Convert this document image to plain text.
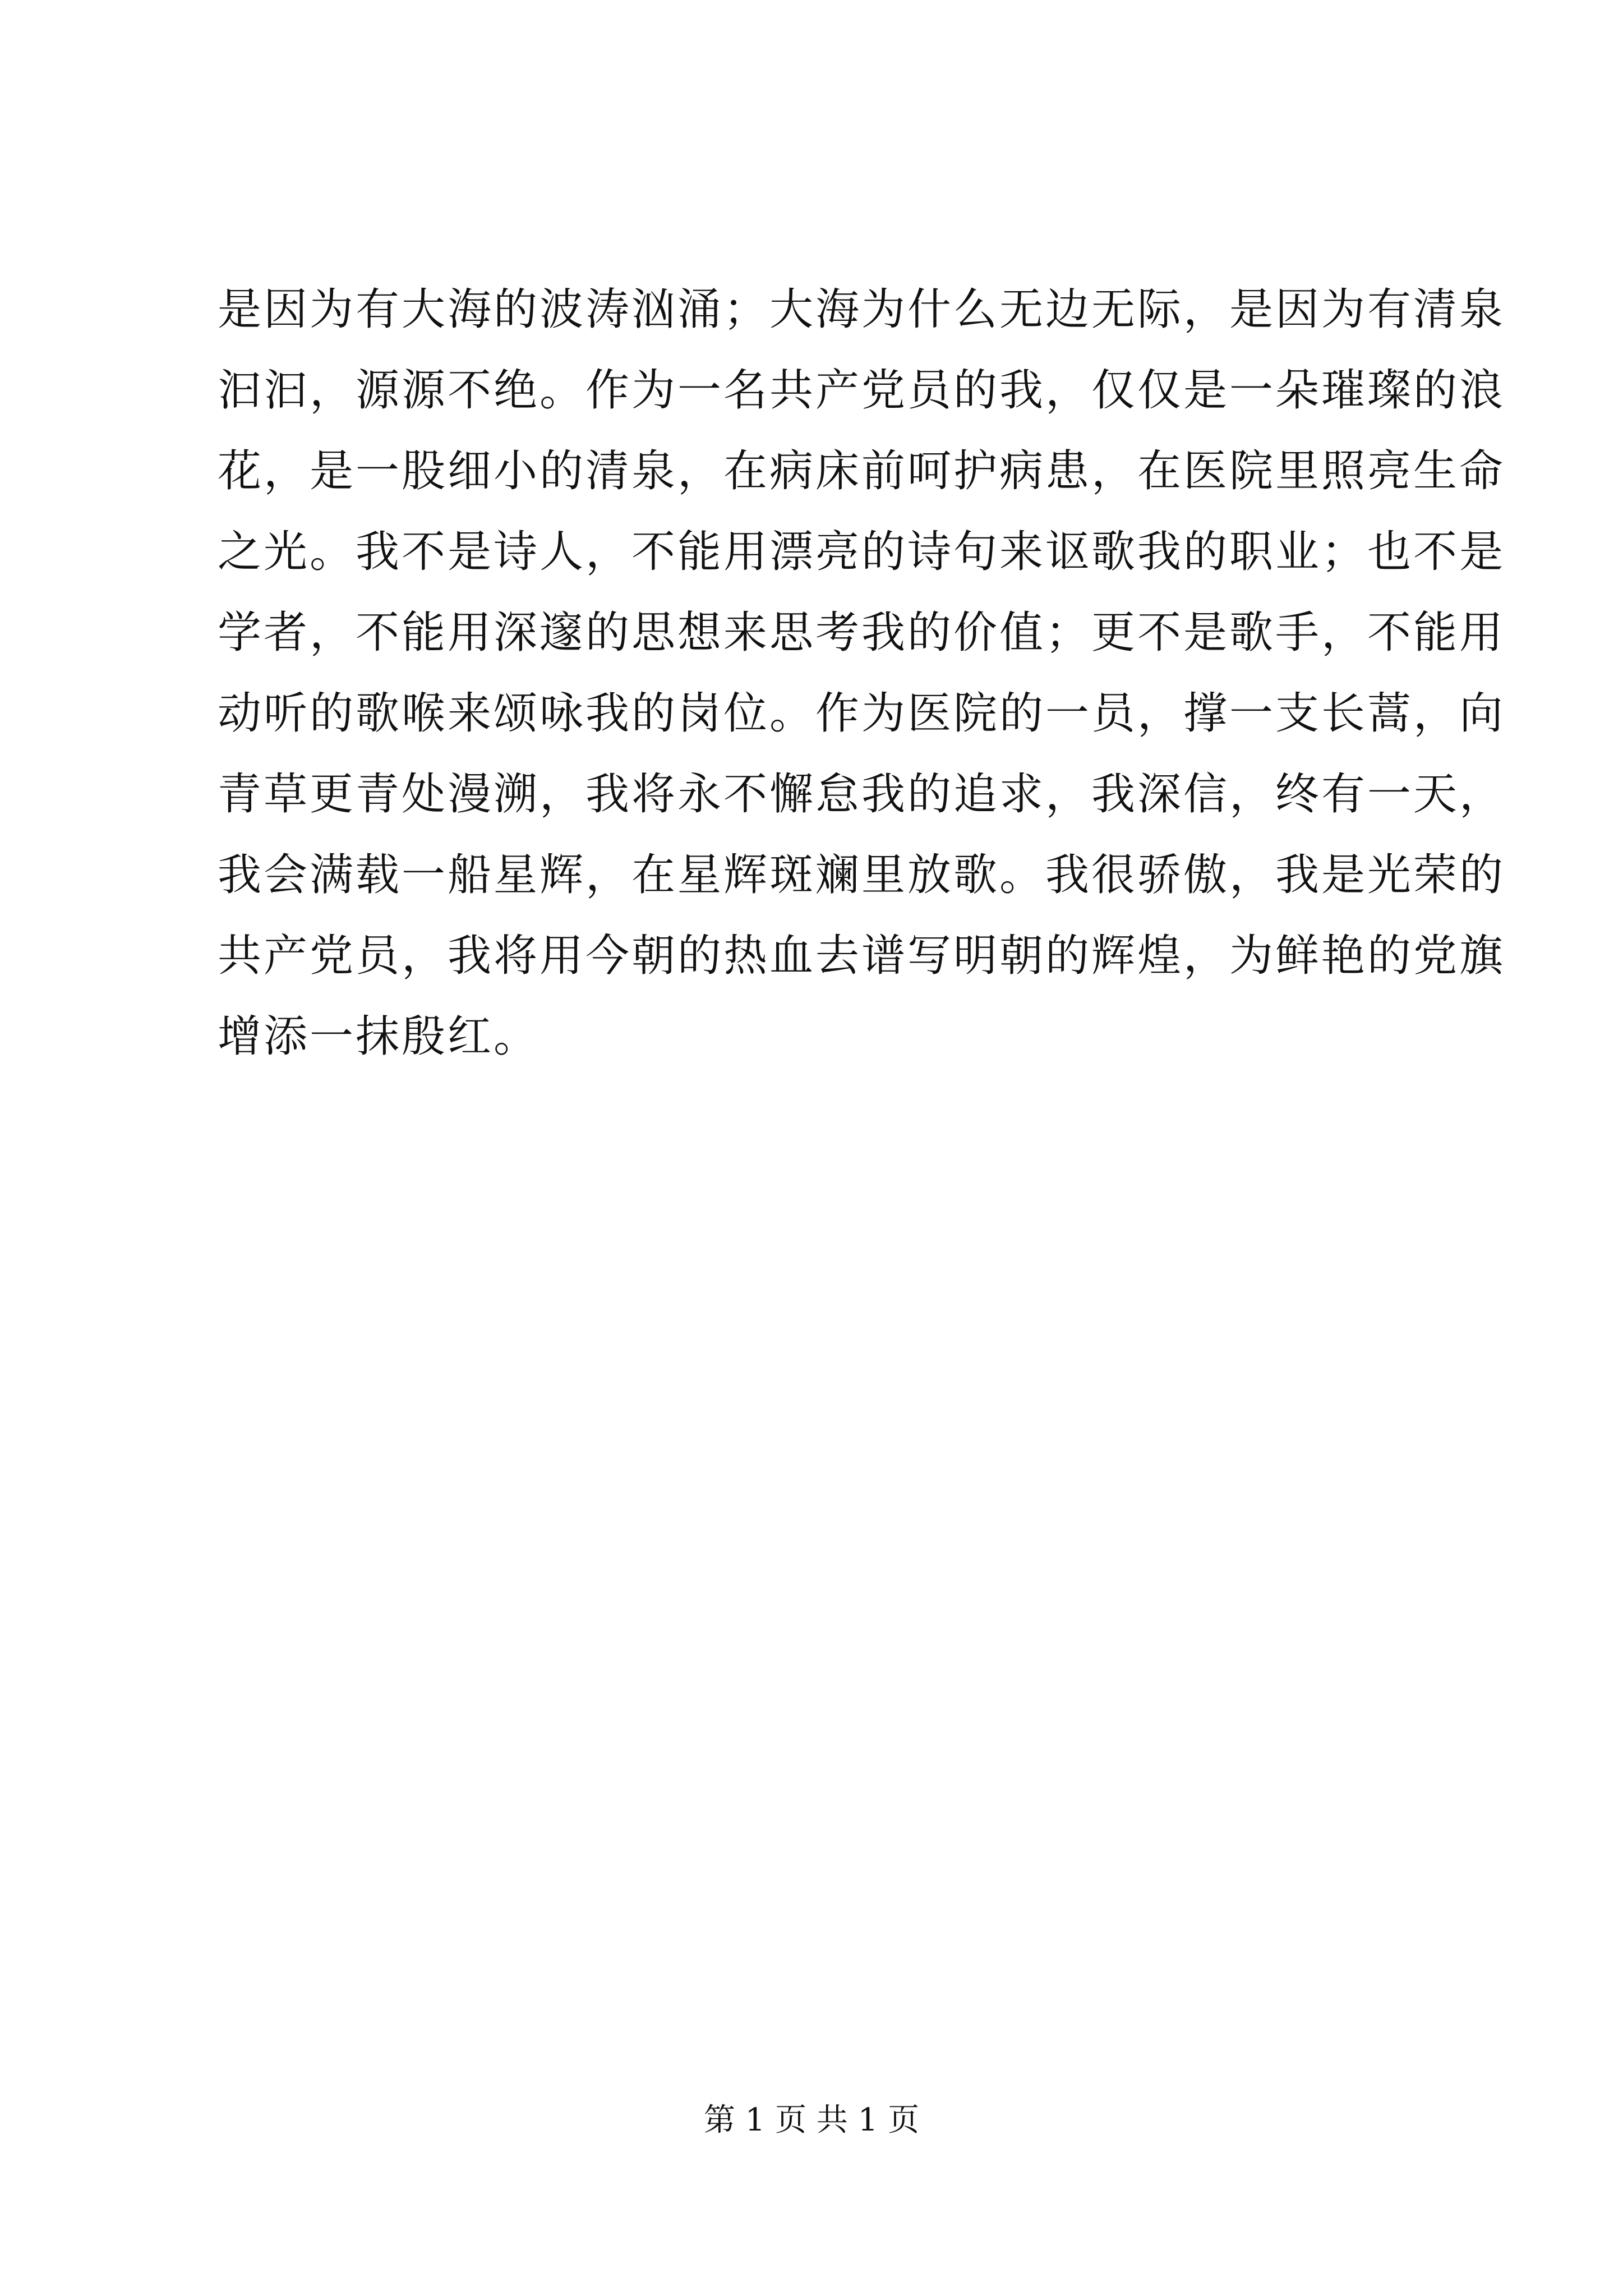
是因为有大海的波涛汹涌；大海为什么无边无际，是因为有清泉
汩汩，源源不绝。作为一名共产党员的我，仅仅是一朵璀璨的浪
花，是一股细小的清泉，在病床前呵护病患，在医院里照亮生命
之光。我不是诗人，不能用漂亮的诗句来讴歌我的职业；也不是
学者，不能用深邃的思想来思考我的价值；更不是歌手，不能用
动听的歌喉来颂咏我的岗位。作为医院的一员，撑一支长蒿，向
青草更青处漫溯，我将永不懈怠我的追求，我深信，终有一天，
我会满载一船星辉，在星辉斑斓里放歌。我很骄傲，我是光荣的
共产党员，我将用今朝的热血去谱写明朝的辉煌，为鲜艳的党旗
增添一抹殷红。
第 1 页 共 1 页
